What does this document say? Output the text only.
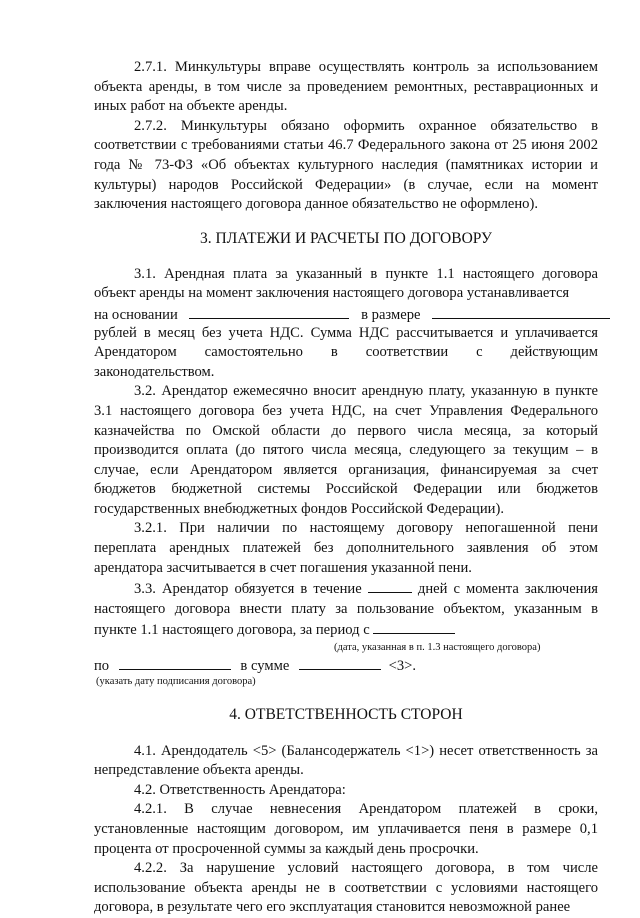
2.7.1. Минкультуры вправе осуществлять контроль за использованием объекта аренды, в том числе за проведением ремонтных, реставрационных и иных работ на объекте аренды.

2.7.2. Минкультуры обязано оформить охранное обязательство в соответствии с требованиями статьи 46.7 Федерального закона от 25 июня 2002 года № 73-ФЗ «Об объектах культурного наследия (памятниках истории и культуры) народов Российской Федерации» (в случае, если на момент заключения настоящего договора данное обязательство не оформлено).

3. ПЛАТЕЖИ И РАСЧЕТЫ ПО ДОГОВОРУ

3.1. Арендная плата за указанный в пункте 1.1 настоящего договора объект аренды на момент заключения настоящего договора устанавливается

на основании	в размере

рублей в месяц без учета НДС. Сумма НДС рассчитывается и уплачивается Арендатором самостоятельно в соответствии с действующим законодательством.

3.2. Арендатор ежемесячно вносит арендную плату, указанную в пункте 3.1 настоящего договора без учета НДС, на счет Управления Федерального казначейства по Омской области до первого числа месяца, за который производится оплата (до пятого числа месяца, следующего за текущим – в случае, если Арендатором является организация, финансируемая за счет бюджетов бюджетной системы Российской Федерации или бюджетов государственных внебюджетных фондов Российской Федерации).

3.2.1. При наличии по настоящему договору непогашенной пени переплата арендных платежей без дополнительного заявления об этом арендатора засчитывается в счет погашения указанной пени.

3.3. Арендатор обязуется в течение	дней с момента заключения настоящего договора внести плату за пользование объектом, указанным в пункте 1.1 настоящего договора, за период с

(дата, указанная в п. 1.3 настоящего договора)
по	в сумме	<3>.
(указать дату подписания договора)
4. ОТВЕТСТВЕННОСТЬ СТОРОН

4.1. Арендодатель <5> (Балансодержатель <1>) несет ответственность за непредставление объекта аренды.

4.2. Ответственность Арендатора:

4.2.1. В случае невнесения Арендатором платежей в сроки, установленные настоящим договором, им уплачивается пеня в размере 0,1 процента от просроченной суммы за каждый день просрочки.

4.2.2. За нарушение условий настоящего договора, в том числе использование объекта аренды не в соответствии с условиями настоящего договора, в результате чего его эксплуатация становится невозможной ранее
